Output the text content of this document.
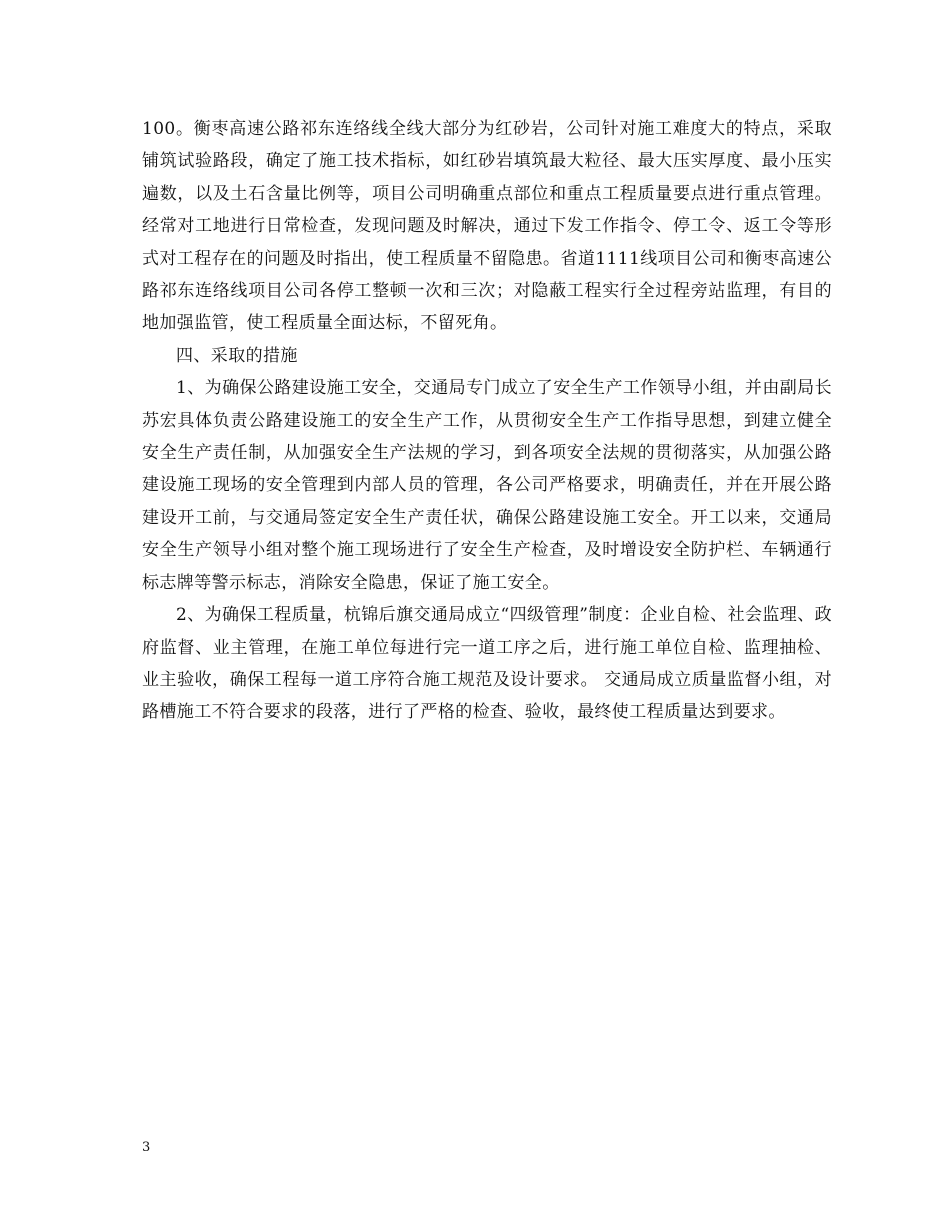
100。衡枣高速公路祁东连络线全线大部分为红砂岩，公司针对施工难度大的特点，采取铺筑试验路段，确定了施工技术指标，如红砂岩填筑最大粒径、最大压实厚度、最小压实遍数，以及土石含量比例等，项目公司明确重点部位和重点工程质量要点进行重点管理。经常对工地进行日常检查，发现问题及时解决，通过下发工作指令、停工令、返工令等形式对工程存在的问题及时指出，使工程质量不留隐患。省道1111线项目公司和衡枣高速公路祁东连络线项目公司各停工整顿一次和三次；对隐蔽工程实行全过程旁站监理，有目的地加强监管，使工程质量全面达标，不留死角。

四、采取的措施

1、为确保公路建设施工安全，交通局专门成立了安全生产工作领导小组，并由副局长苏宏具体负责公路建设施工的安全生产工作，从贯彻安全生产工作指导思想，到建立健全安全生产责任制，从加强安全生产法规的学习，到各项安全法规的贯彻落实，从加强公路建设施工现场的安全管理到内部人员的管理，各公司严格要求，明确责任，并在开展公路建设开工前，与交通局签定安全生产责任状，确保公路建设施工安全。开工以来，交通局安全生产领导小组对整个施工现场进行了安全生产检查，及时增设安全防护栏、车辆通行标志牌等警示标志，消除安全隐患，保证了施工安全。

2、为确保工程质量，杭锦后旗交通局成立“四级管理”制度：企业自检、社会监理、政府监督、业主管理，在施工单位每进行完一道工序之后，进行施工单位自检、监理抽检、业主验收，确保工程每一道工序符合施工规范及设计要求。 交通局成立质量监督小组，对路槽施工不符合要求的段落，进行了严格的检查、验收，最终使工程质量达到要求。

3
